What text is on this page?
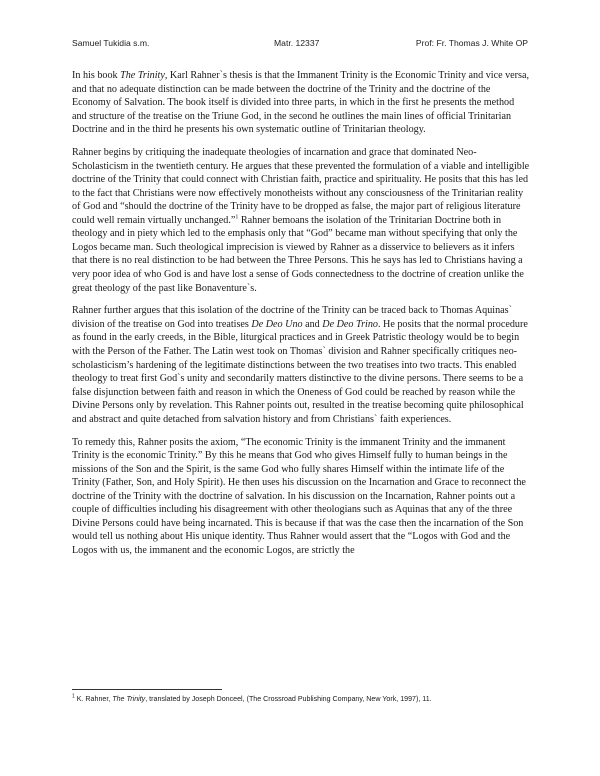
Samuel Tukidia s.m.	Matr. 12337	Prof: Fr. Thomas J. White OP

In his book The Trinity, Karl Rahner`s thesis is that the Immanent Trinity is the Economic Trinity and vice versa, and that no adequate distinction can be made between the doctrine of the Trinity and the doctrine of the Economy of Salvation. The book itself is divided into three parts, in which in the first he presents the method and structure of the treatise on the Triune God, in the second he outlines the main lines of official Trinitarian Doctrine and in the third he presents his own systematic outline of Trinitarian theology.

Rahner begins by critiquing the inadequate theologies of incarnation and grace that dominated Neo-Scholasticism in the twentieth century. He argues that these prevented the formulation of a viable and intelligible doctrine of the Trinity that could connect with Christian faith, practice and spirituality. He posits that this has led to the fact that Christians were now effectively monotheists without any consciousness of the Trinitarian reality of God and “should the doctrine of the Trinity have to be dropped as false, the major part of religious literature could well remain virtually unchanged.”$^1$ Rahner bemoans the isolation of the Trinitarian Doctrine both in theology and in piety which led to the emphasis only that “God” became man without specifying that only the Logos became man. Such theological imprecision is viewed by Rahner as a disservice to believers as it infers that there is no real distinction to be had between the Three Persons. This he says has led to Christians having a very poor idea of who God is and have lost a sense of Gods connectedness to the doctrine of creation unlike the great theology of the past like Bonaventure`s.

Rahner further argues that this isolation of the doctrine of the Trinity can be traced back to Thomas Aquinas` division of the treatise on God into treatises De Deo Uno and De Deo Trino. He posits that the normal procedure as found in the early creeds, in the Bible, liturgical practices and in Greek Patristic theology would be to begin with the Person of the Father. The Latin west took on Thomas` division and Rahner specifically critiques neo-scholasticism’s hardening of the legitimate distinctions between the two treatises into two tracts. This enabled theology to treat first God`s unity and secondarily matters distinctive to the divine persons. There seems to be a false disjunction between faith and reason in which the Oneness of God could be reached by reason while the Divine Persons only by revelation. This Rahner points out, resulted in the treatise becoming quite philosophical and abstract and quite detached from salvation history and from Christians` faith experiences.

To remedy this, Rahner posits the axiom, “The economic Trinity is the immanent Trinity and the immanent Trinity is the economic Trinity.” By this he means that God who gives Himself fully to human beings in the missions of the Son and the Spirit, is the same God who fully shares Himself within the intimate life of the Trinity (Father, Son, and Holy Spirit). He then uses his discussion on the Incarnation and Grace to reconnect the doctrine of the Trinity with the doctrine of salvation. In his discussion on the Incarnation, Rahner points out a couple of difficulties including his disagreement with other theologians such as Aquinas that any of the three Divine Persons could have being incarnated. This is because if that was the case then the incarnation of the Son would tell us nothing about His unique identity. Thus Rahner would assert that the “Logos with God and the Logos with us, the immanent and the economic Logos, are strictly the

$^1$ K. Rahner, The Trinity, translated by Joseph Donceel, (The Crossroad Publishing Company, New York, 1997), 11.
